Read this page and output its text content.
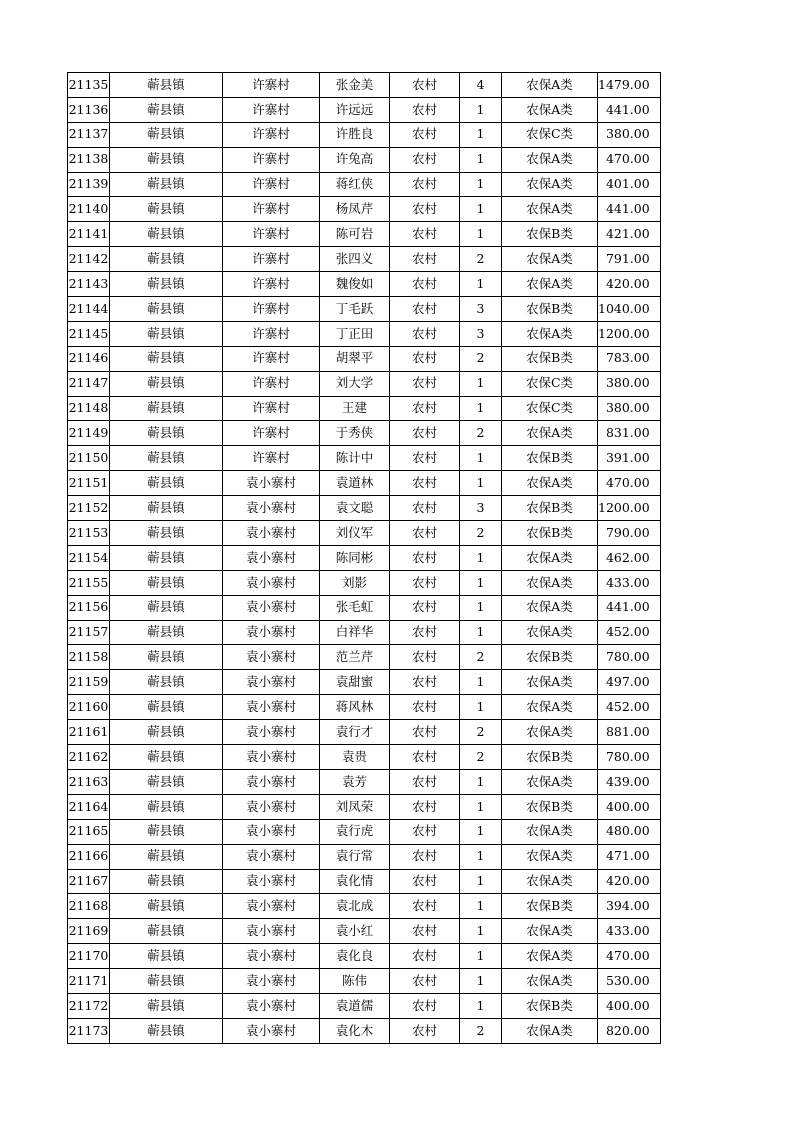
21135	蕲县镇	许寨村	张金美	农村	4	农保A类	1479.00
21136	蕲县镇	许寨村	许远远	农村	1	农保A类	441.00
21137	蕲县镇	许寨村	许胜良	农村	1	农保C类	380.00
21138	蕲县镇	许寨村	许兔高	农村	1	农保A类	470.00
21139	蕲县镇	许寨村	蒋红侠	农村	1	农保A类	401.00
21140	蕲县镇	许寨村	杨凤芹	农村	1	农保A类	441.00
21141	蕲县镇	许寨村	陈可岩	农村	1	农保B类	421.00
21142	蕲县镇	许寨村	张四义	农村	2	农保A类	791.00
21143	蕲县镇	许寨村	魏俊如	农村	1	农保A类	420.00
21144	蕲县镇	许寨村	丁毛跃	农村	3	农保B类	1040.00
21145	蕲县镇	许寨村	丁正田	农村	3	农保A类	1200.00
21146	蕲县镇	许寨村	胡翠平	农村	2	农保B类	783.00
21147	蕲县镇	许寨村	刘大学	农村	1	农保C类	380.00
21148	蕲县镇	许寨村	王建	农村	1	农保C类	380.00
21149	蕲县镇	许寨村	于秀侠	农村	2	农保A类	831.00
21150	蕲县镇	许寨村	陈计中	农村	1	农保B类	391.00
21151	蕲县镇	袁小寨村	袁道林	农村	1	农保A类	470.00
21152	蕲县镇	袁小寨村	袁文聪	农村	3	农保B类	1200.00
21153	蕲县镇	袁小寨村	刘仪军	农村	2	农保B类	790.00
21154	蕲县镇	袁小寨村	陈同彬	农村	1	农保A类	462.00
21155	蕲县镇	袁小寨村	刘影	农村	1	农保A类	433.00
21156	蕲县镇	袁小寨村	张毛虹	农村	1	农保A类	441.00
21157	蕲县镇	袁小寨村	白祥华	农村	1	农保A类	452.00
21158	蕲县镇	袁小寨村	范兰芹	农村	2	农保B类	780.00
21159	蕲县镇	袁小寨村	袁甜蜜	农村	1	农保A类	497.00
21160	蕲县镇	袁小寨村	蒋风林	农村	1	农保A类	452.00
21161	蕲县镇	袁小寨村	袁行才	农村	2	农保A类	881.00
21162	蕲县镇	袁小寨村	袁贵	农村	2	农保B类	780.00
21163	蕲县镇	袁小寨村	袁芳	农村	1	农保A类	439.00
21164	蕲县镇	袁小寨村	刘凤荣	农村	1	农保B类	400.00
21165	蕲县镇	袁小寨村	袁行虎	农村	1	农保A类	480.00
21166	蕲县镇	袁小寨村	袁行常	农村	1	农保A类	471.00
21167	蕲县镇	袁小寨村	袁化情	农村	1	农保A类	420.00
21168	蕲县镇	袁小寨村	袁北成	农村	1	农保B类	394.00
21169	蕲县镇	袁小寨村	袁小红	农村	1	农保A类	433.00
21170	蕲县镇	袁小寨村	袁化良	农村	1	农保A类	470.00
21171	蕲县镇	袁小寨村	陈伟	农村	1	农保A类	530.00
21172	蕲县镇	袁小寨村	袁道儒	农村	1	农保B类	400.00
21173	蕲县镇	袁小寨村	袁化木	农村	2	农保A类	820.00
